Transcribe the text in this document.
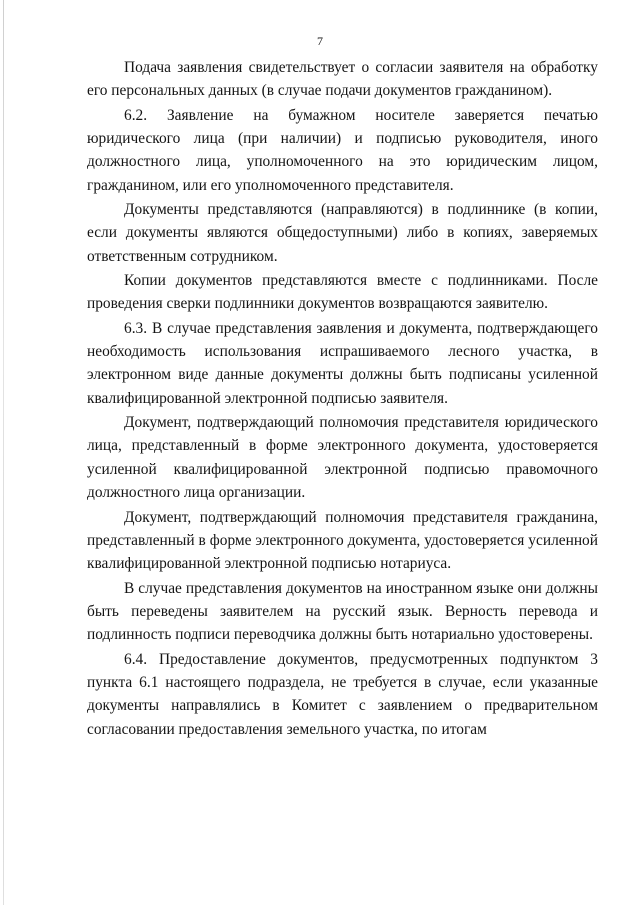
7

Подача заявления свидетельствует о согласии заявителя на обработку его персональных данных (в случае подачи документов гражданином).

6.2. Заявление на бумажном носителе заверяется печатью юридического лица (при наличии) и подписью руководителя, иного должностного лица, уполномоченного на это юридическим лицом, гражданином, или его уполномоченного представителя.

Документы представляются (направляются) в подлиннике (в копии, если документы являются общедоступными) либо в копиях, заверяемых ответственным сотрудником.

Копии документов представляются вместе с подлинниками. После проведения сверки подлинники документов возвращаются заявителю.

6.3. В случае представления заявления и документа, подтверждающего необходимость использования испрашиваемого лесного участка, в электронном виде данные документы должны быть подписаны усиленной квалифицированной электронной подписью заявителя.

Документ, подтверждающий полномочия представителя юридического лица, представленный в форме электронного документа, удостоверяется усиленной квалифицированной электронной подписью правомочного должностного лица организации.

Документ, подтверждающий полномочия представителя гражданина, представленный в форме электронного документа, удостоверяется усиленной квалифицированной электронной подписью нотариуса.

В случае представления документов на иностранном языке они должны быть переведены заявителем на русский язык. Верность перевода и подлинность подписи переводчика должны быть нотариально удостоверены.

6.4. Предоставление документов, предусмотренных подпунктом 3 пункта 6.1 настоящего подраздела, не требуется в случае, если указанные документы направлялись в Комитет с заявлением о предварительном согласовании предоставления земельного участка, по итогам
